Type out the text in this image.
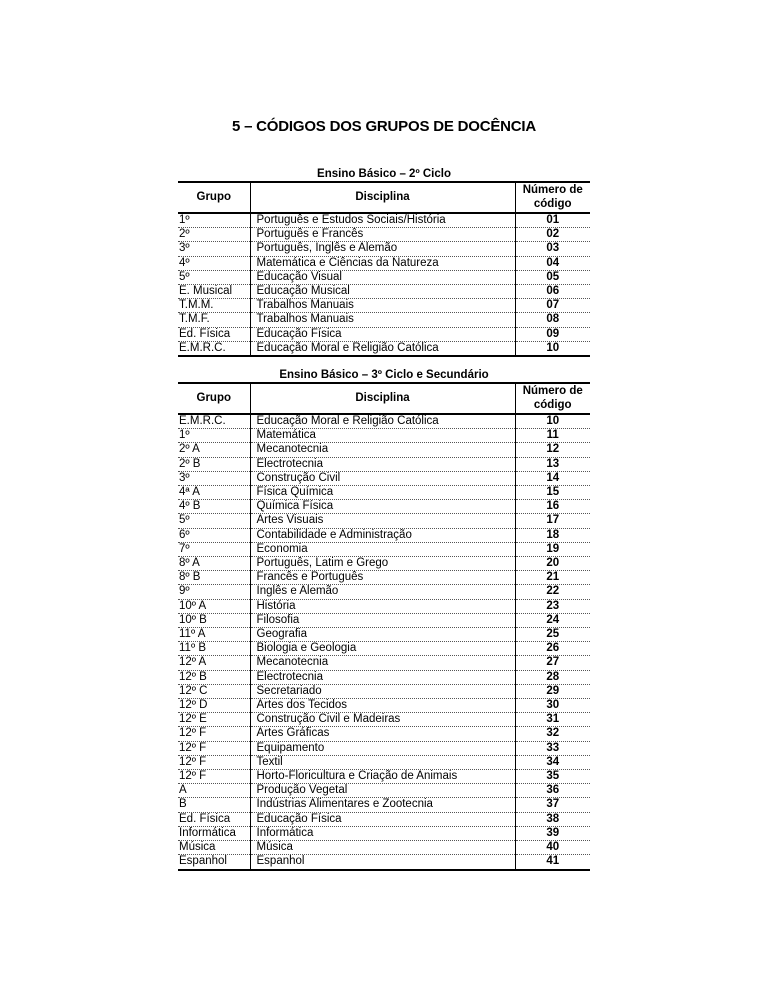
5 – CÓDIGOS DOS GRUPOS DE DOCÊNCIA
Ensino Básico – 2º Ciclo
Grupo	Disciplina	Número de
código
1º	Português e Estudos Sociais/História	01
2º	Português e Francês	02
3º	Português, Inglês e Alemão	03
4º	Matemática e Ciências da Natureza	04
5º	Educação Visual	05
E. Musical	Educação Musical	06
T.M.M.	Trabalhos Manuais	07
T.M.F.	Trabalhos Manuais	08
Ed. Física	Educação Física	09
E.M.R.C.	Educação Moral e Religião Católica	10
Ensino Básico – 3º Ciclo e Secundário
Grupo	Disciplina	Número de
código
E.M.R.C.	Educação Moral e Religião Católica	10
1º	Matemática	11
2º A	Mecanotecnia	12
2º B	Electrotecnia	13
3º	Construção Civil	14
4ª A	Física Química	15
4º B	Química Física	16
5º	Artes Visuais	17
6º	Contabilidade e Administração	18
7º	Economia	19
8º A	Português, Latim e Grego	20
8º B	Francês e Português	21
9º	Inglês e Alemão	22
10º A	História	23
10º B	Filosofia	24
11º A	Geografia	25
11º B	Biologia e Geologia	26
12º A	Mecanotecnia	27
12º B	Electrotecnia	28
12º C	Secretariado	29
12º D	Artes dos Tecidos	30
12º E	Construção Civil e Madeiras	31
12º F	Artes Gráficas	32
12º F	Equipamento	33
12º F	Textil	34
12º F	Horto-Floricultura e Criação de Animais	35
A	Produção Vegetal	36
B	Indústrias Alimentares e Zootecnia	37
Ed. Física	Educação Física	38
Informática	Informática	39
Música	Música	40
Espanhol	Espanhol	41
